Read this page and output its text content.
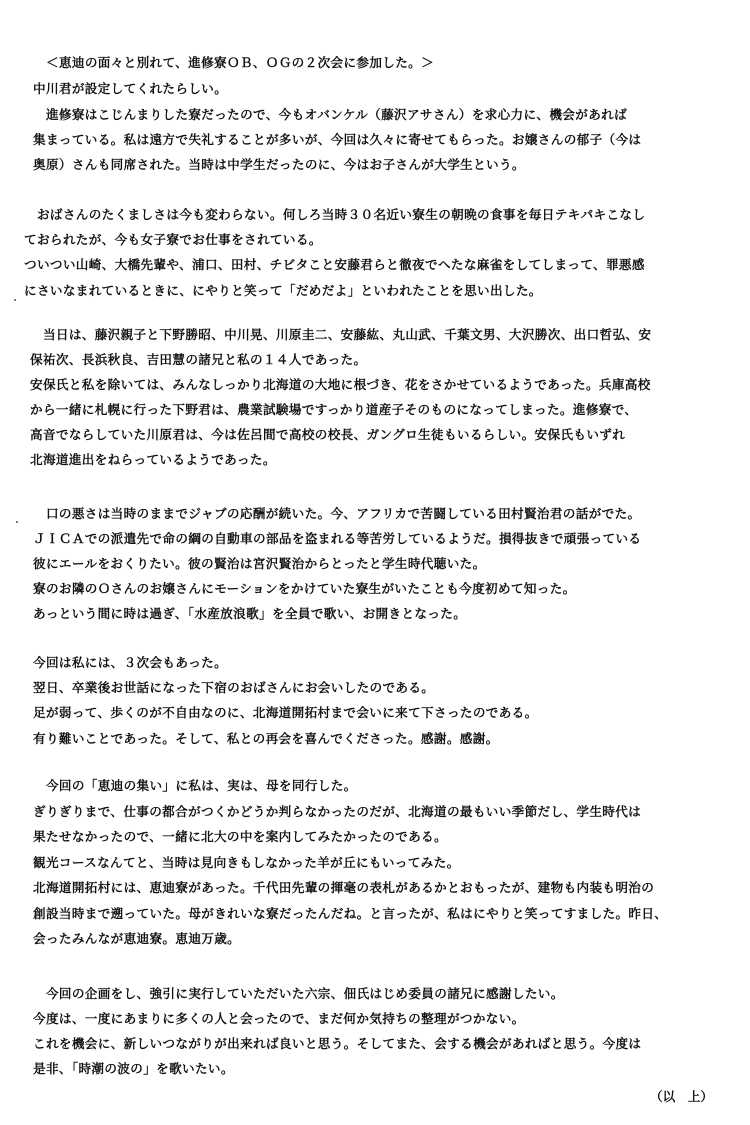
＜恵迪の面々と別れて、進修寮ＯＢ、ＯＧの２次会に参加した。＞
中川君が設定してくれたらしい。
　進修寮はこじんまりした寮だったので、今もオバンケル（藤沢アサさん）を求心力に、機会があれば
集まっている。私は遠方で失礼することが多いが、今回は久々に寄せてもらった。お嬢さんの郁子（今は
奥原）さんも同席された。当時は中学生だったのに、今はお子さんが大学生という。
　おばさんのたくましさは今も変わらない。何しろ当時３０名近い寮生の朝晩の食事を毎日テキパキこなし
ておられたが、今も女子寮でお仕事をされている。
ついつい山崎、大橋先輩や、浦口、田村、チビタこと安藤君らと徹夜でへたな麻雀をしてしまって、罪悪感
にさいなまれているときに、にやりと笑って「だめだよ」といわれたことを思い出した。
　当日は、藤沢親子と下野勝昭、中川晃、川原圭二、安藤紘、丸山武、千葉文男、大沢勝次、出口哲弘、安
保祐次、長浜秋良、吉田慧の諸兄と私の１４人であった。
安保氏と私を除いては、みんなしっかり北海道の大地に根づき、花をさかせているようであった。兵庫高校
から一緒に札幌に行った下野君は、農業試験場ですっかり道産子そのものになってしまった。進修寮で、
高音でならしていた川原君は、今は佐呂間で高校の校長、ガングロ生徒もいるらしい。安保氏もいずれ
北海道進出をねらっているようであった。
　口の悪さは当時のままでジャブの応酬が続いた。今、アフリカで苦闘している田村賢治君の話がでた。
ＪＩＣＡでの派遣先で命の綱の自動車の部品を盗まれる等苦労しているようだ。損得抜きで頑張っている
彼にエールをおくりたい。彼の賢治は宮沢賢治からとったと学生時代聴いた。
寮のお隣のＯさんのお嬢さんにモーションをかけていた寮生がいたことも今度初めて知った。
あっという間に時は過ぎ、「水産放浪歌」を全員で歌い、お開きとなった。
今回は私には、３次会もあった。
翌日、卒業後お世話になった下宿のおばさんにお会いしたのである。
足が弱って、歩くのが不自由なのに、北海道開拓村まで会いに来て下さったのである。
有り難いことであった。そして、私との再会を喜んでくださった。感謝。感謝。
　今回の「恵迪の集い」に私は、実は、母を同行した。
ぎりぎりまで、仕事の都合がつくかどうか判らなかったのだが、北海道の最もいい季節だし、学生時代は
果たせなかったので、一緒に北大の中を案内してみたかったのである。
観光コースなんてと、当時は見向きもしなかった羊が丘にもいってみた。
北海道開拓村には、恵迪寮があった。千代田先輩の揮毫の表札があるかとおもったが、建物も内装も明治の
創設当時まで遡っていた。母がきれいな寮だったんだね。と言ったが、私はにやりと笑ってすました。昨日、
会ったみんなが恵迪寮。恵迪万歳。
　今回の企画をし、強引に実行していただいた六宗、佃氏はじめ委員の諸兄に感謝したい。
今度は、一度にあまりに多くの人と会ったので、まだ何か気持ちの整理がつかない。
これを機会に、新しいつながりが出来れば良いと思う。そしてまた、会する機会があればと思う。今度は
是非、「時潮の波の」を歌いたい。
（以　上）
